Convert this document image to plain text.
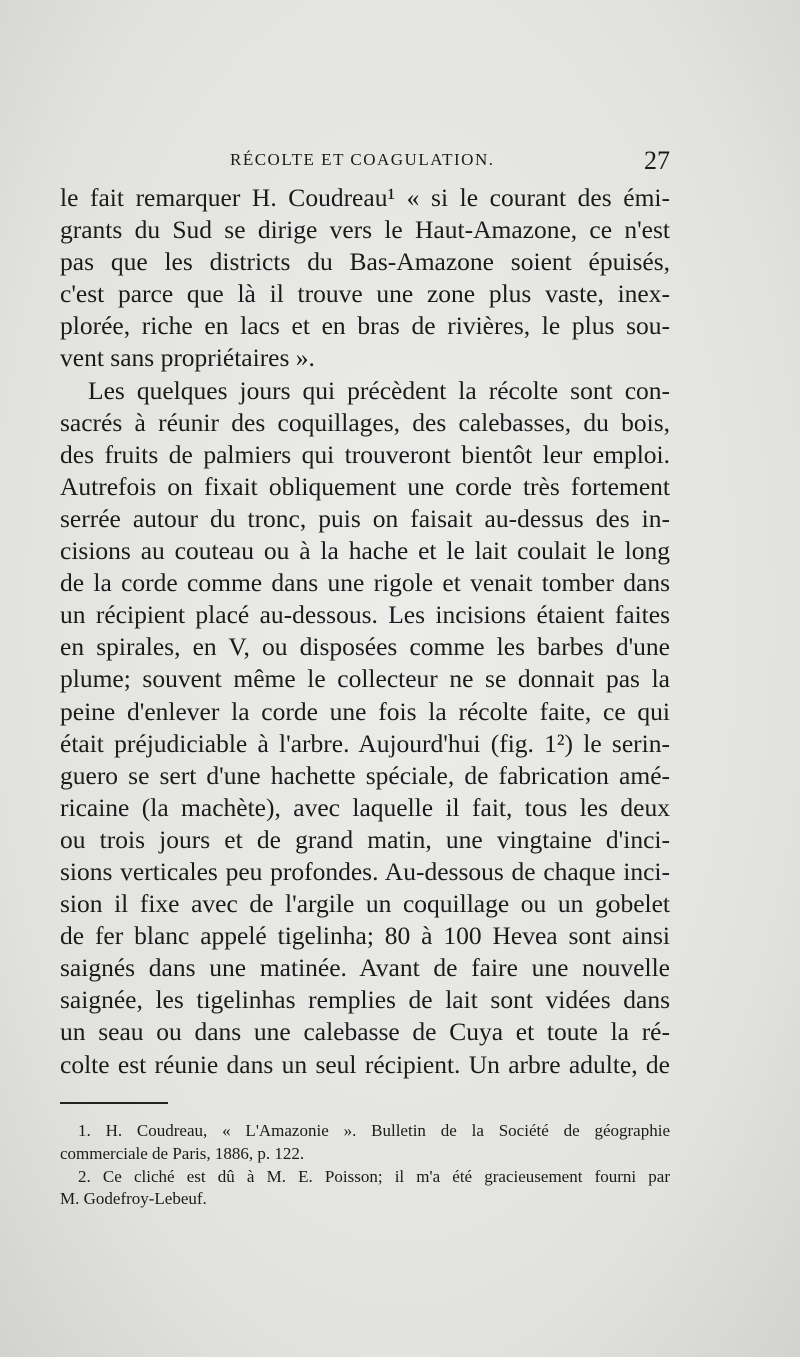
RÉCOLTE ET COAGULATION.	27
le fait remarquer H. Coudreau¹ « si le courant des émi-
grants du Sud se dirige vers le Haut-Amazone, ce n'est
pas que les districts du Bas-Amazone soient épuisés,
c'est parce que là il trouve une zone plus vaste, inex-
plorée, riche en lacs et en bras de rivières, le plus sou-
vent sans propriétaires ».
Les quelques jours qui précèdent la récolte sont con-
sacrés à réunir des coquillages, des calebasses, du bois,
des fruits de palmiers qui trouveront bientôt leur emploi.
Autrefois on fixait obliquement une corde très fortement
serrée autour du tronc, puis on faisait au-dessus des in-
cisions au couteau ou à la hache et le lait coulait le long
de la corde comme dans une rigole et venait tomber dans
un récipient placé au-dessous. Les incisions étaient faites
en spirales, en V, ou disposées comme les barbes d'une
plume; souvent même le collecteur ne se donnait pas la
peine d'enlever la corde une fois la récolte faite, ce qui
était préjudiciable à l'arbre. Aujourd'hui (fig. 1²) le serin-
guero se sert d'une hachette spéciale, de fabrication amé-
ricaine (la machète), avec laquelle il fait, tous les deux
ou trois jours et de grand matin, une vingtaine d'inci-
sions verticales peu profondes. Au-dessous de chaque inci-
sion il fixe avec de l'argile un coquillage ou un gobelet
de fer blanc appelé tigelinha; 80 à 100 Hevea sont ainsi
saignés dans une matinée. Avant de faire une nouvelle
saignée, les tigelinhas remplies de lait sont vidées dans
un seau ou dans une calebasse de Cuya et toute la ré-
colte est réunie dans un seul récipient. Un arbre adulte, de
1. H. Coudreau, « L'Amazonie ». Bulletin de la Société de géographie
commerciale de Paris, 1886, p. 122.
2. Ce cliché est dû à M. E. Poisson; il m'a été gracieusement fourni par
M. Godefroy-Lebeuf.
